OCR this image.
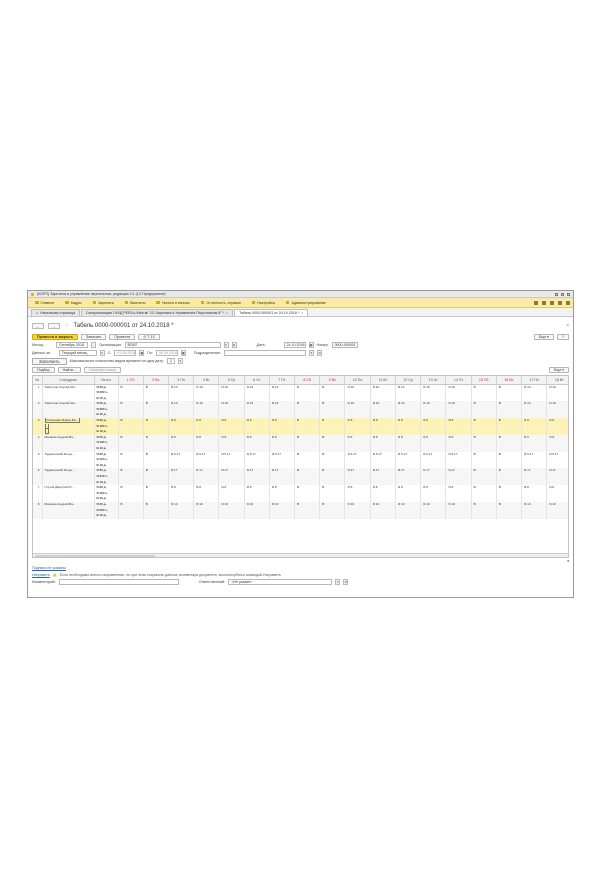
(КОРП) Зарплата и управление персоналом, редакция 3.1 (1С:Предприятие)
Главное	Кадры	Зарплата	Выплаты	Налоги и взносы	Отчетность, справки	Настройка	Администрирование
⌂ Начальная страница	Синхронизация СКУД PERCo-Web ⇄ "1С:Зарплата и Управление Персоналом 8" * ×	Табель 0000-000001 от 24.10.2018 * ×
←	→	☆ Табель 0000-000001 от 24.10.2018 *	×
Провести и закрыть	Записать	Провести	⎙ Т-13	Еще ▾	?
Месяц:	Сентябрь 2018	… Организация:	ВОЕЛ	▾	⧉	Дата:	24.10.2018	▦ Номер:	0000-000001
Данные за:	Текущий месяц	▾	С:	01.09.2018	▦ По:	30.09.2018	▦	Подразделение:	▾	⧉
Заполнить	Максимальное количество видов времени на одну дату:	2	▾
Подбор	Найти...	Отменить поиск	Еще ▾
№	Сотрудник	Итого	1 Сб	2 Вс	3 Пн	4 Вт	5 Ср	6 Чт	7 Пт	8 Сб	9 Вс	10 Пн	11 Вт	12 Ср	13 Чт	14 Пт	15 Сб	16 Вс	17 Пн	18 Вт
1	Тамостин Сергей Ми...	Я 20 д.	В	В	Я 10	Я 10	Я 10	Я 10	Я 10	В	В	Я 10	Я 10	Я 10	Я 10	Я 10	В	В	Я 10	Я 10
		Я 200 ч.																		
		В 10 д.																		
2	Тамостин Сергей Ма...	Я 20 д.	В	В	Я 10	Я 10	Я 10	Я 10	Я 10	В	В	Я 10	Я 10	Я 10	Я 10	Я 10	В	В	Я 10	Я 10
		Я 200 ч.																		
		В 10 д.																		
3	Романова Мария Ва...	Я 20 д.	В	В	Я 8	Я 8	Я 8	Я 8	Я 8	В	В	Я 8	Я 8	Я 8	Я 8	Я 8	В	В	Я 8	Я 8
		Я 160 ч.																		
		В 10 д.																		
4	Маганов Андрей Ва...	Я 20 д.	В	В	Я 8	Я 8	Я 8	Я 8	Я 8	В	В	Я 8	Я 8	Я 8	Я 8	Я 8	В	В	Я 8	Я 8
		Я 160 ч.																		
		В 10 д.																		
5	Лудининский Игорь...	Я 20 д.	В	В	Я 5.17	Я 5.17	Я 5.17	Я 5.17	Я 5.17	В	В	Я 5.17	Я 5.17	Я 5.17	Я 5.17	Я 5.17	В	В	Я 5.17	Я 5.17
		Я 103 ч.																		
		В 10 д.																		
6	Лудининский Игорь...	Я 20 д.	В	В	Я 17	Я 17	Я 17	Я 17	Я 17	В	В	Я 17	Я 17	Я 17	Я 17	Я 17	В	В	Я 17	Я 17
		Я 340 ч.																		
		В 10 д.																		
7	Глухов Дмитрий Ю...	Я 20 д.	В	В	Я 8	Я 8	Я 8	Я 8	Я 8	В	В	Я 8	Я 8	Я 8	Я 8	Я 8	В	В	Я 8	Я 8
		Я 160 ч.																		
		В 10 д.																		
8	Маганов Андрей Ва...	Я 20 д.	В	В	Я 10	Я 10	Я 10	Я 10	Я 10	В	В	Я 10	Я 10	Я 10	Я 10	Я 10	В	В	Я 10	Я 10
		Я 200 ч.																		
		В 10 д.																		
▾
Подписи не указаны
Исправить	Если необходимо внести исправления, но при этом сохранить данные экземпляра документа, воспользуйтесь командой Исправить
Комментарий:	Ответственный:	<Не указан>	▾	⧉
